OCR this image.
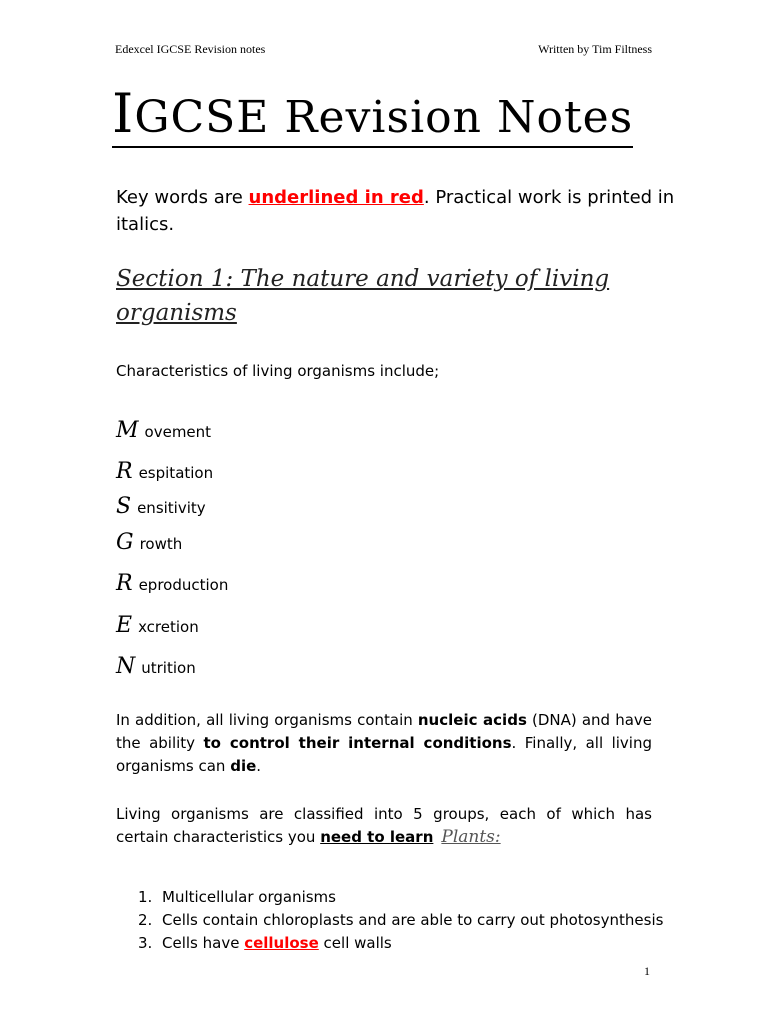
Edexcel IGCSE Revision notes	Written by Tim Filtness
IGCSE Revision Notes
Key words are underlined in red. Practical work is printed in italics.
Section 1: The nature and variety of living organisms
Characteristics of living organisms include;
M ovement
R espitation
S ensitivity
G rowth
R eproduction
E xcretion
N utrition
In addition, all living organisms contain nucleic acids (DNA) and have the ability to control their internal conditions. Finally, all living organisms can die.
Living organisms are classified into 5 groups, each of which has certain characteristics you need to learn Plants:
1. Multicellular organisms
2. Cells contain chloroplasts and are able to carry out photosynthesis
3. Cells have cellulose cell walls
1
